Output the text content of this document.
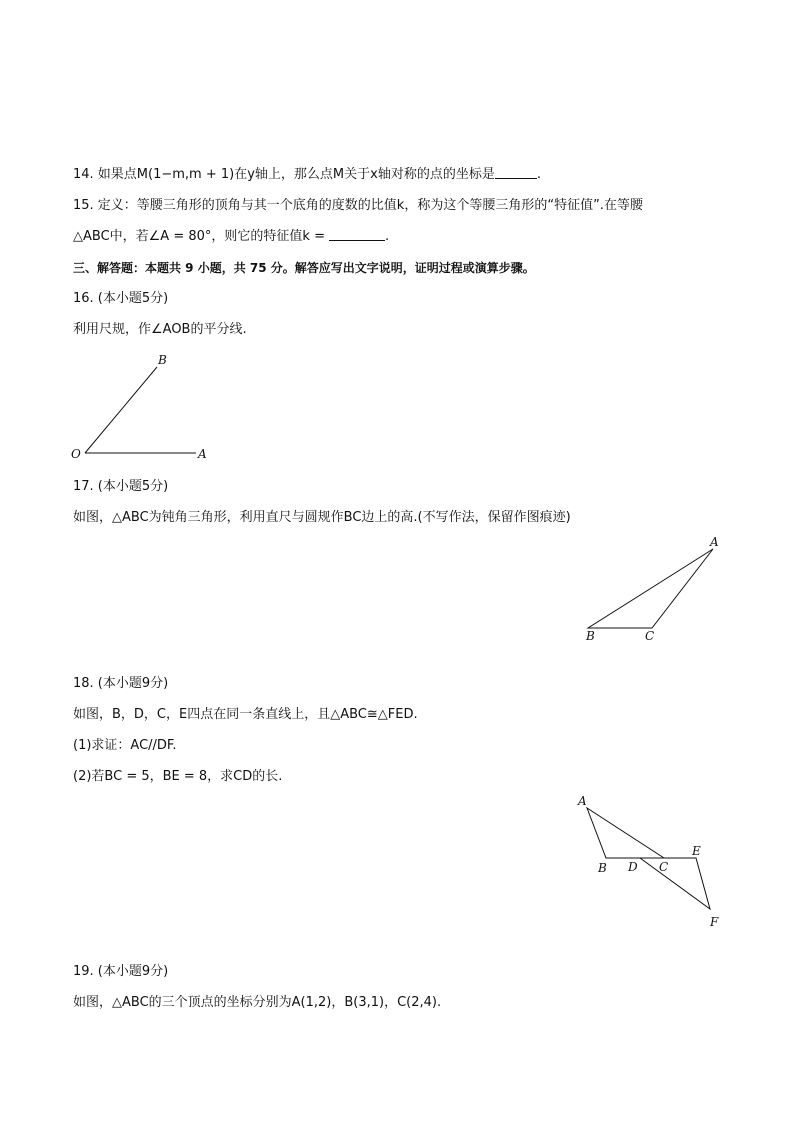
14. 如果点M(1−m,m + 1)在y轴上，那么点M关于x轴对称的点的坐标是	.
15. 定义：等腰三角形的顶角与其一个底角的度数的比值k，称为这个等腰三角形的“特征值”.在等腰
△ABC中，若∠A = 80°，则它的特征值k =	.
三、解答题：本题共 9 小题，共 75 分。解答应写出文字说明，证明过程或演算步骤。
16. (本小题5分)
利用尺规，作∠AOB的平分线.
17. (本小题5分)
如图，△ABC为钝角三角形，利用直尺与圆规作BC边上的高.(不写作法，保留作图痕迹)
18. (本小题9分)
如图，B，D，C，E四点在同一条直线上，且△ABC≅△FED.
(1)求证：AC//DF.
(2)若BC = 5，BE = 8，求CD的长.
19. (本小题9分)
如图，△ABC的三个顶点的坐标分别为A(1,2)，B(3,1)，C(2,4).
B
O	A
A
B	C
A
B D C
E
F
